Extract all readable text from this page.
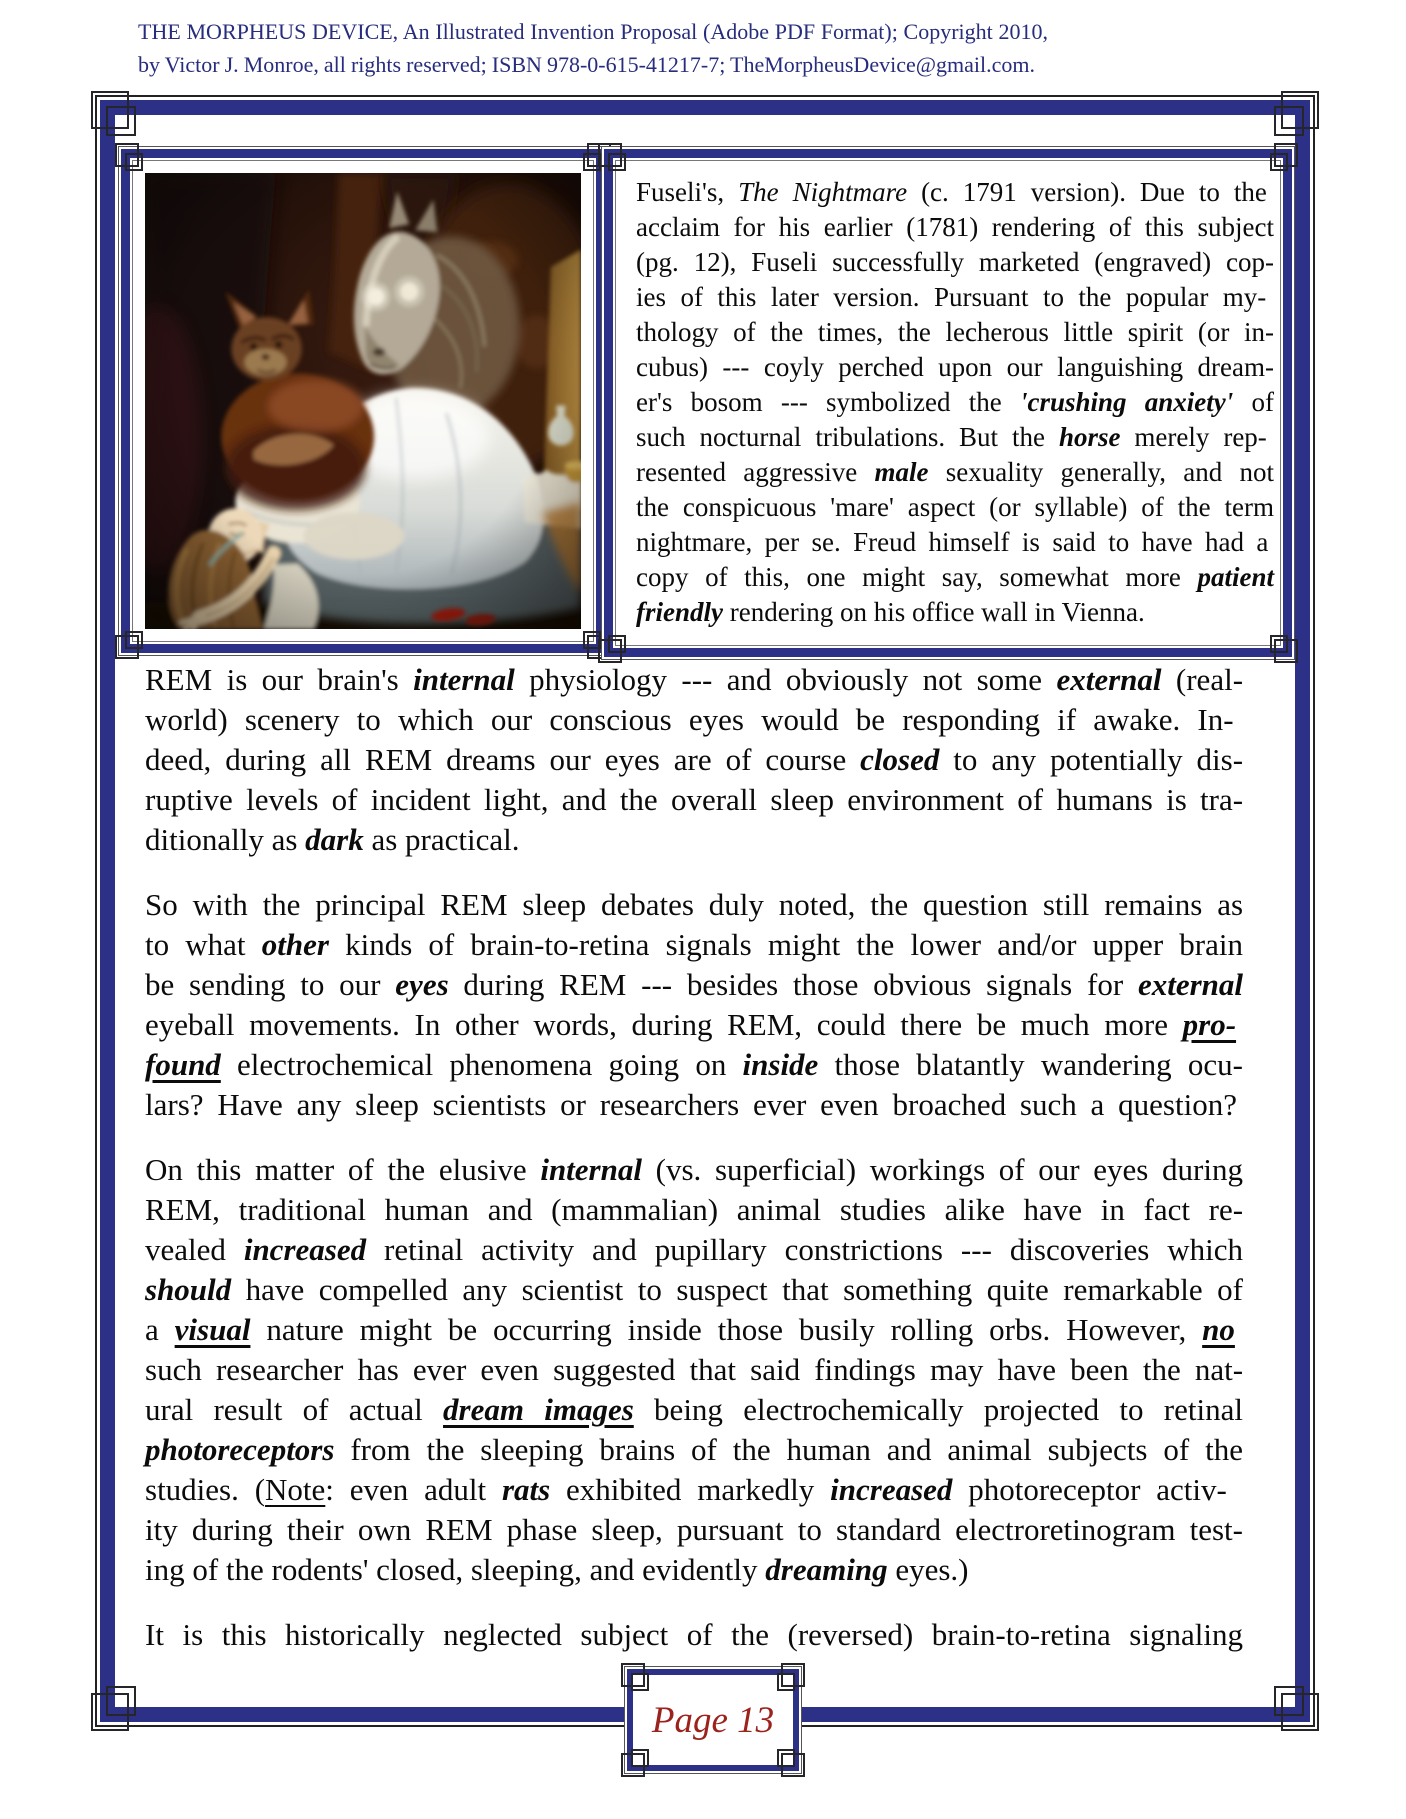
THE MORPHEUS DEVICE, An Illustrated Invention Proposal (Adobe PDF Format); Copyright 2010,
by Victor J. Monroe, all rights reserved; ISBN 978-0-615-41217-7; TheMorpheusDevice@gmail.com.
Fuseli's, The Nightmare (c. 1791 version). Due to the
acclaim for his earlier (1781) rendering of this subject
(pg. 12), Fuseli successfully marketed (engraved) cop-
ies of this later version. Pursuant to the popular my-
thology of the times, the lecherous little spirit (or in-
cubus) --- coyly perched upon our languishing dream-
er's bosom --- symbolized the 'crushing anxiety' of
such nocturnal tribulations. But the horse merely rep-
resented aggressive male sexuality generally, and not
the conspicuous 'mare' aspect (or syllable) of the term
nightmare, per se. Freud himself is said to have had a
copy of this, one might say, somewhat more patient
friendly rendering on his office wall in Vienna.
REM is our brain's internal physiology --- and obviously not some external (real-
world) scenery to which our conscious eyes would be responding if awake. In-
deed, during all REM dreams our eyes are of course closed to any potentially dis-
ruptive levels of incident light, and the overall sleep environment of humans is tra-
ditionally as dark as practical.
So with the principal REM sleep debates duly noted, the question still remains as
to what other kinds of brain-to-retina signals might the lower and/or upper brain
be sending to our eyes during REM --- besides those obvious signals for external
eyeball movements. In other words, during REM, could there be much more pro-
found electrochemical phenomena going on inside those blatantly wandering ocu-
lars? Have any sleep scientists or researchers ever even broached such a question?
On this matter of the elusive internal (vs. superficial) workings of our eyes during
REM, traditional human and (mammalian) animal studies alike have in fact re-
vealed increased retinal activity and pupillary constrictions --- discoveries which
should have compelled any scientist to suspect that something quite remarkable of
a visual nature might be occurring inside those busily rolling orbs. However, no
such researcher has ever even suggested that said findings may have been the nat-
ural result of actual dream images being electrochemically projected to retinal
photoreceptors from the sleeping brains of the human and animal subjects of the
studies. (Note: even adult rats exhibited markedly increased photoreceptor activ-
ity during their own REM phase sleep, pursuant to standard electroretinogram test-
ing of the rodents' closed, sleeping, and evidently dreaming eyes.)
It is this historically neglected subject of the (reversed) brain-to-retina signaling
Page 13
